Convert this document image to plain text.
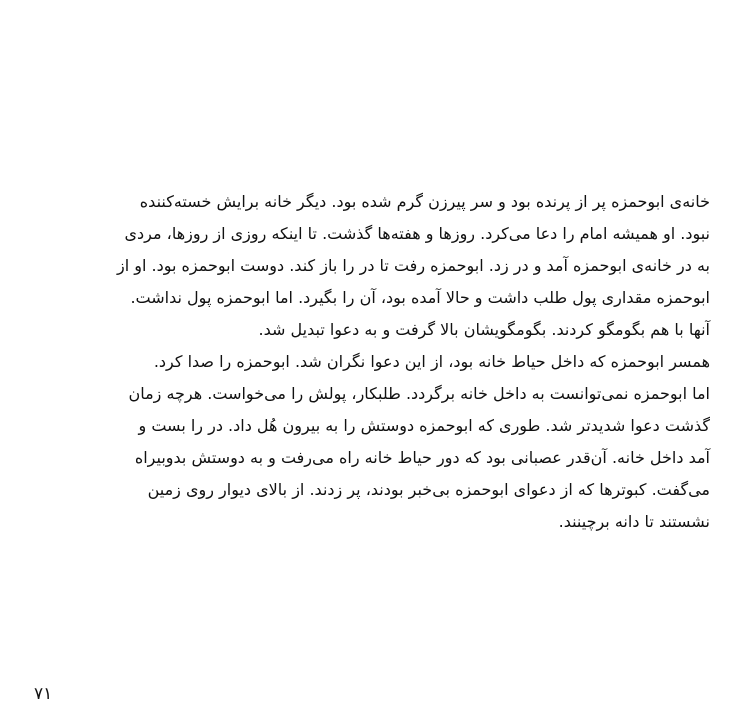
خانه‌ی ابوحمزه پر از پرنده بود و سر پیرزن گرم شده بود. دیگر خانه برایش خسته‌کننده
نبود. او همیشه امام را دعا می‌کرد. روزها و هفته‌ها گذشت. تا اینکه روزی از روزها، مردی
به در خانه‌ی ابوحمزه آمد و در زد. ابوحمزه رفت تا در را باز کند. دوست ابوحمزه بود. او از
ابوحمزه مقداری پول طلب داشت و حالا آمده بود، آن را بگیرد. اما ابوحمزه پول نداشت.
آنها با هم بگومگو کردند. بگومگویشان بالا گرفت و به دعوا تبدیل شد.
همسر ابوحمزه که داخل حیاط خانه بود، از این دعوا نگران شد. ابوحمزه را صدا کرد.
اما ابوحمزه نمی‌توانست به داخل خانه برگردد. طلبکار، پولش را می‌خواست. هرچه زمان
گذشت دعوا شدیدتر شد. طوری که ابوحمزه دوستش را به بیرون هُل داد. در را بست و
آمد داخل خانه. آن‌قدر عصبانی بود که دور حیاط خانه راه می‌رفت و به دوستش بدوبیراه
می‌گفت. کبوترها که از دعوای ابوحمزه بی‌خبر بودند، پر زدند. از بالای دیوار روی زمین
نشستند تا دانه برچینند.
۷۱
